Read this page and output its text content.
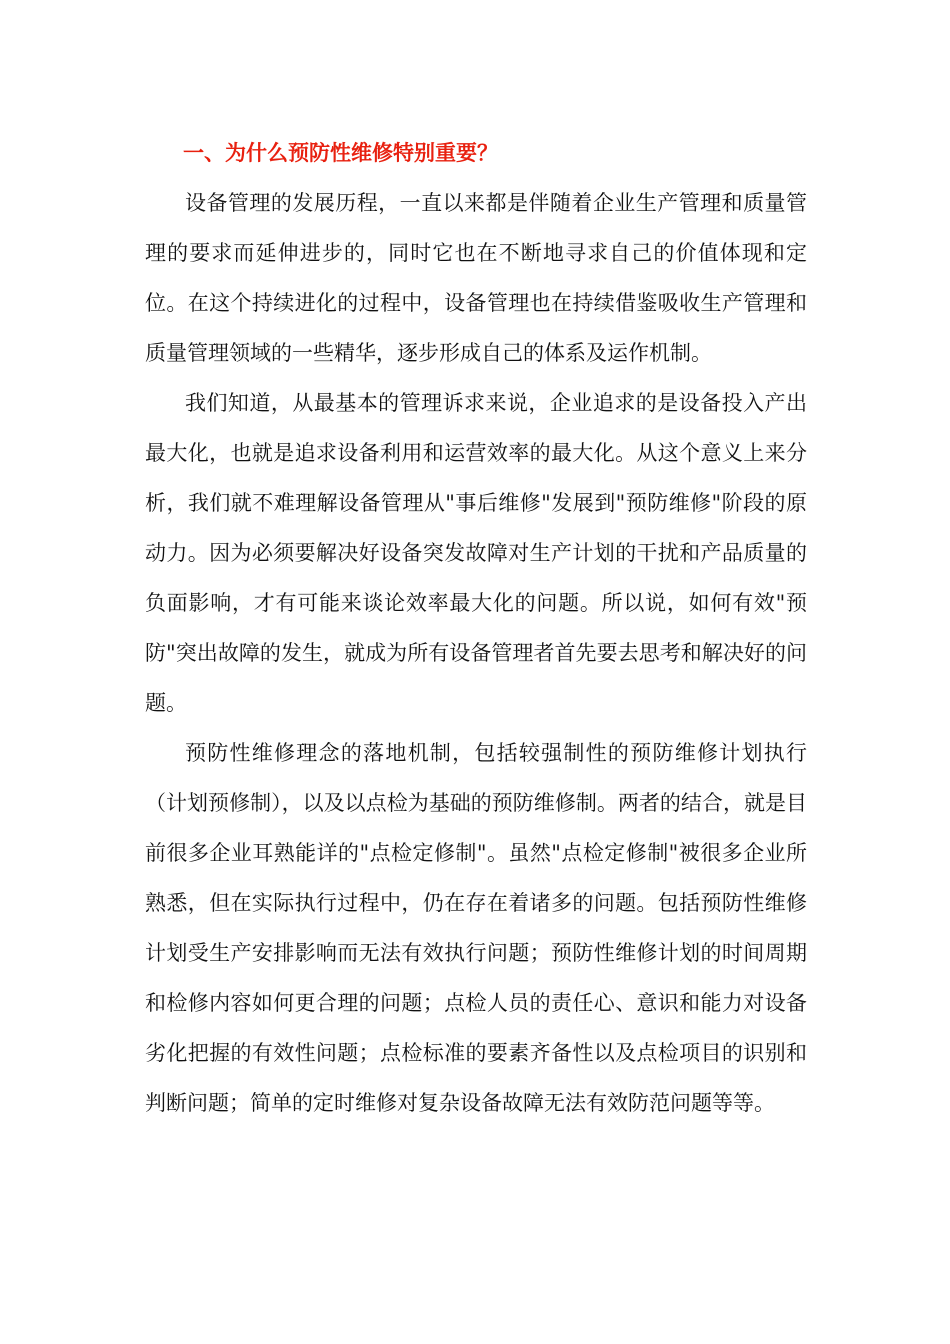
一、为什么预防性维修特别重要？

设备管理的发展历程，一直以来都是伴随着企业生产管理和质量管理的要求而延伸进步的，同时它也在不断地寻求自己的价值体现和定位。在这个持续进化的过程中，设备管理也在持续借鉴吸收生产管理和质量管理领域的一些精华，逐步形成自己的体系及运作机制。

我们知道，从最基本的管理诉求来说，企业追求的是设备投入产出最大化，也就是追求设备利用和运营效率的最大化。从这个意义上来分析，我们就不难理解设备管理从"事后维修"发展到"预防维修"阶段的原动力。因为必须要解决好设备突发故障对生产计划的干扰和产品质量的负面影响，才有可能来谈论效率最大化的问题。所以说，如何有效"预防"突出故障的发生，就成为所有设备管理者首先要去思考和解决好的问题。

预防性维修理念的落地机制，包括较强制性的预防维修计划执行（计划预修制），以及以点检为基础的预防维修制。两者的结合，就是目前很多企业耳熟能详的"点检定修制"。虽然"点检定修制"被很多企业所熟悉，但在实际执行过程中，仍在存在着诸多的问题。包括预防性维修计划受生产安排影响而无法有效执行问题；预防性维修计划的时间周期和检修内容如何更合理的问题；点检人员的责任心、意识和能力对设备劣化把握的有效性问题；点检标准的要素齐备性以及点检项目的识别和判断问题；简单的定时维修对复杂设备故障无法有效防范问题等等。
